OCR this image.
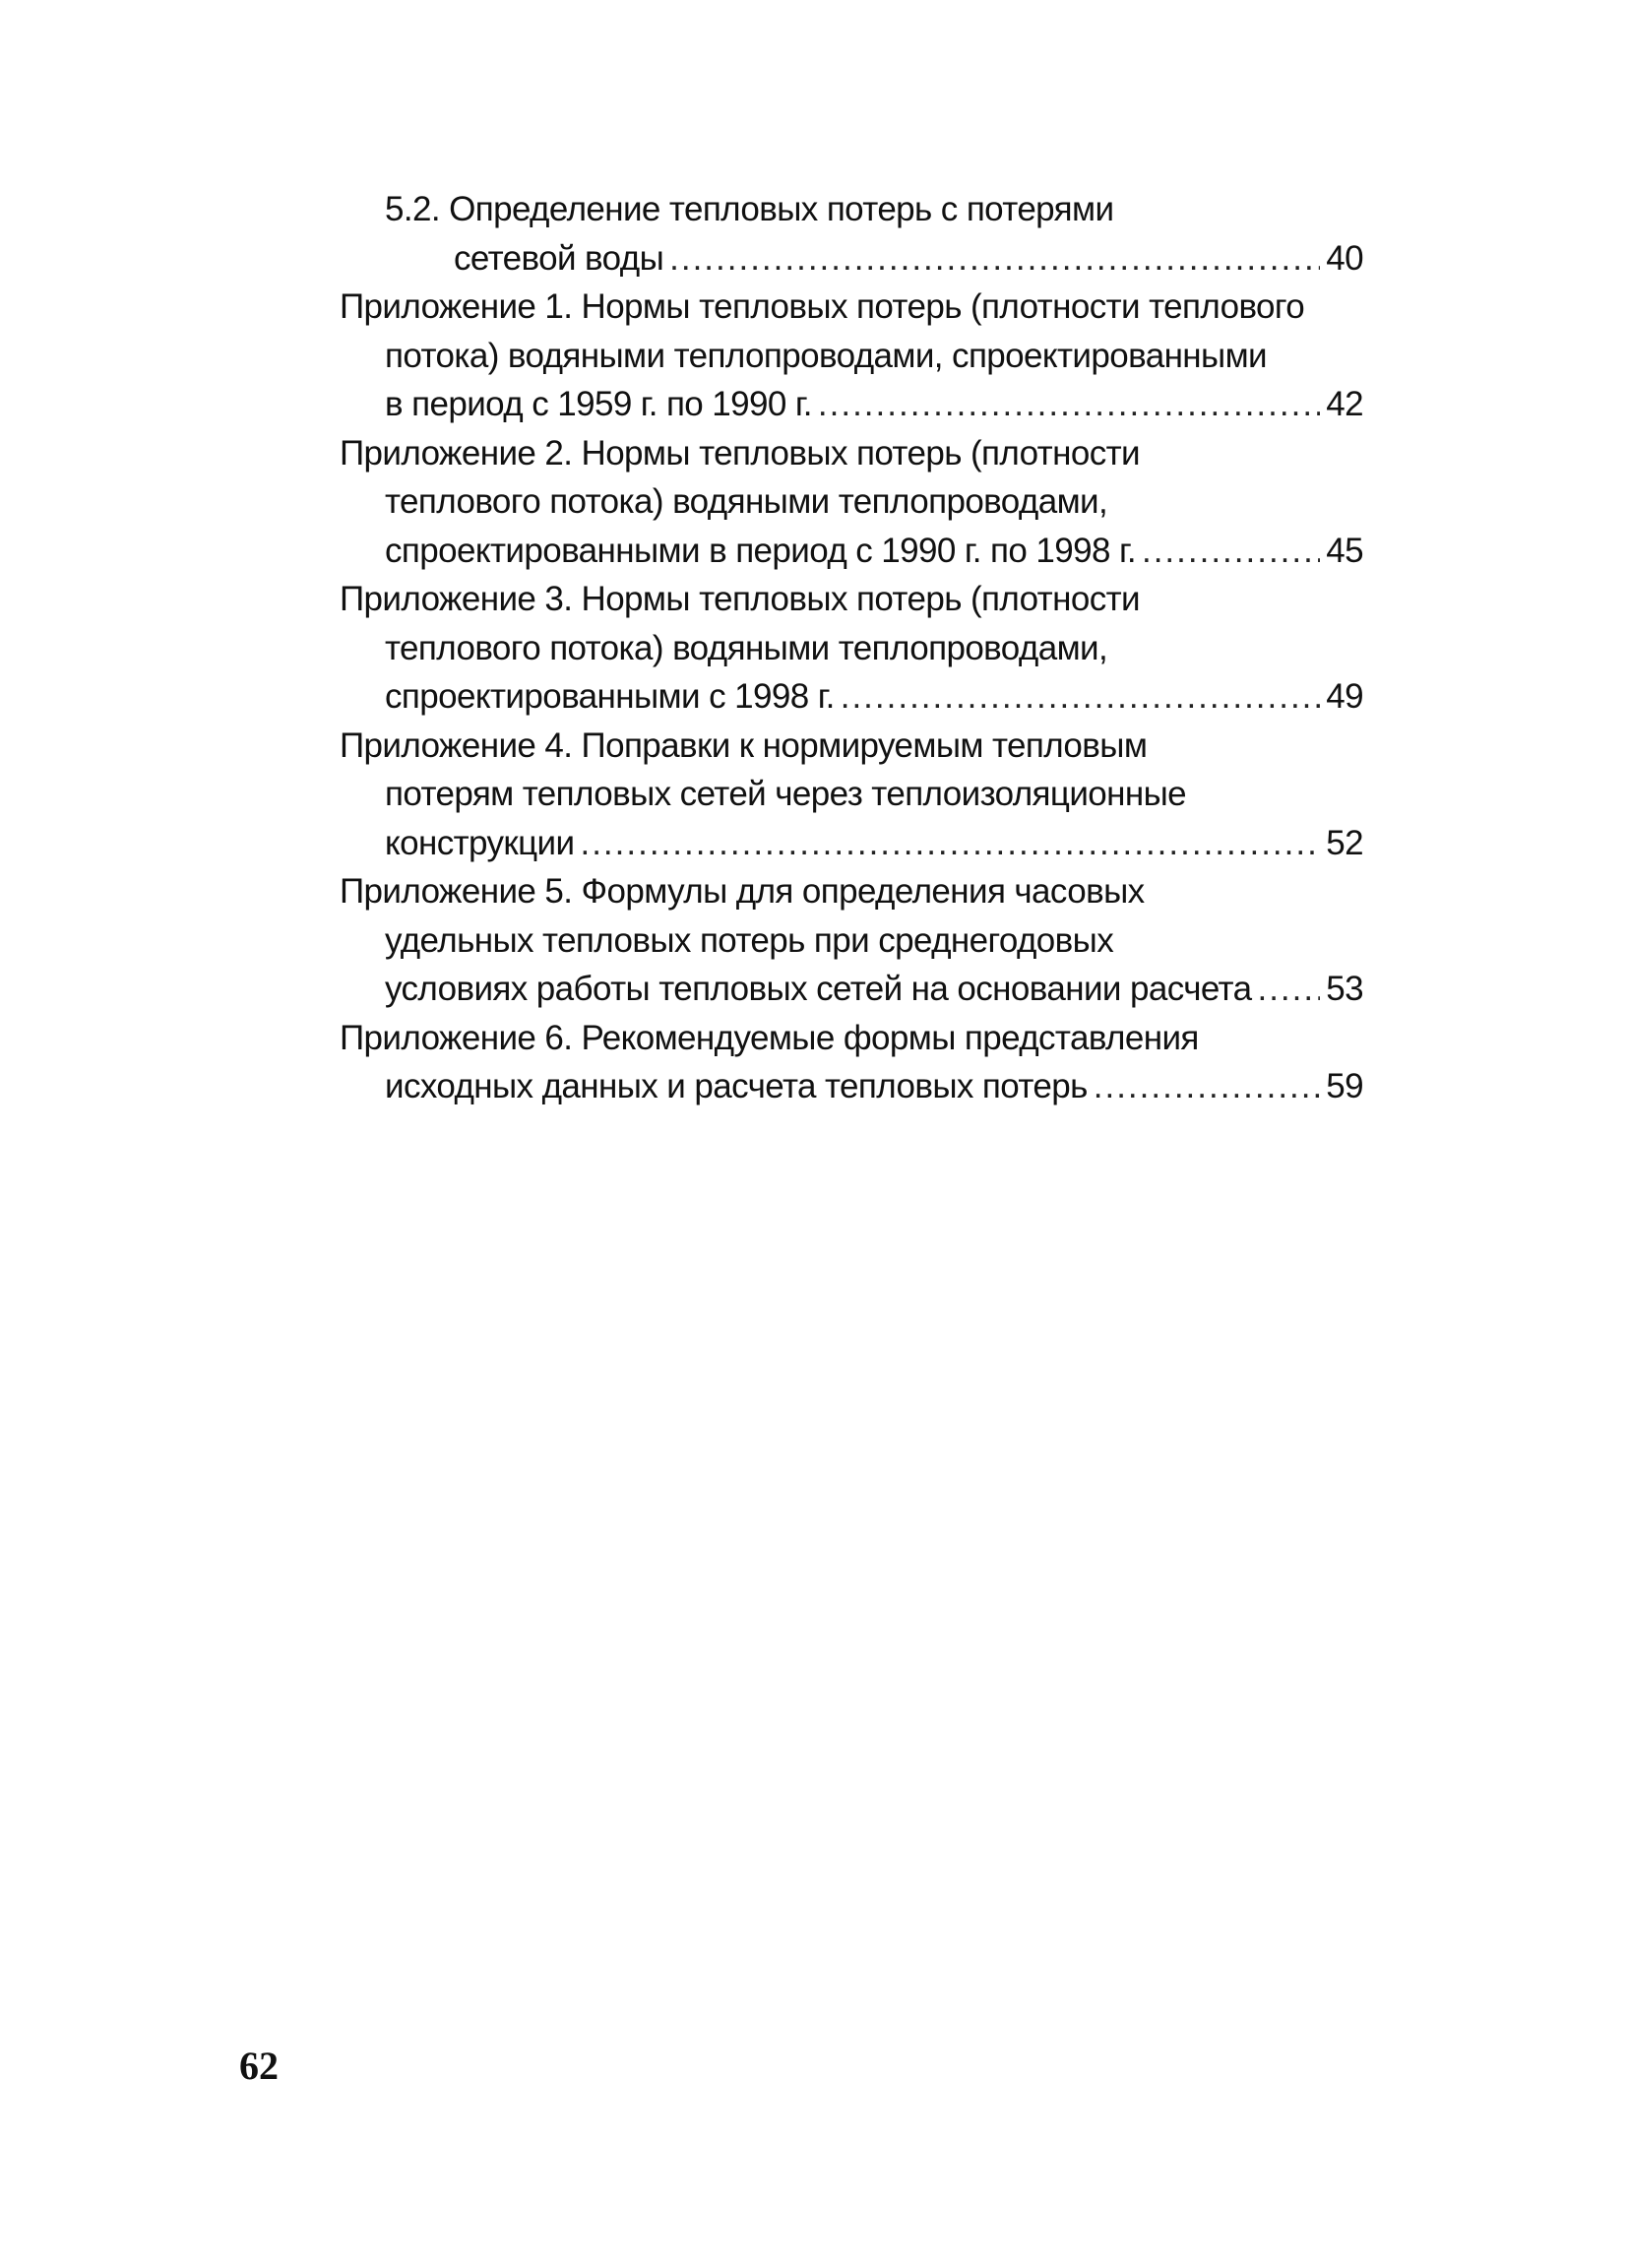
5.2. Определение тепловых потерь с потерями
сетевой воды .....	40
Приложение 1. Нормы тепловых потерь (плотности теплового
потока) водяными теплопроводами, спроектированными
в период с 1959 г. по 1990 г. .....	42
Приложение 2. Нормы тепловых потерь (плотности
теплового потока) водяными теплопроводами,
спроектированными в период с 1990 г. по 1998 г. .....	45
Приложение 3. Нормы тепловых потерь (плотности
теплового потока) водяными теплопроводами,
спроектированными с 1998 г. .....	49
Приложение 4. Поправки к нормируемым тепловым
потерям тепловых сетей через теплоизоляционные
конструкции .....	52
Приложение 5. Формулы для определения часовых
удельных тепловых потерь при среднегодовых
условиях работы тепловых сетей на основании расчета ..... 53
Приложение 6. Рекомендуемые формы представления
исходных данных и расчета тепловых потерь .....	59
62
